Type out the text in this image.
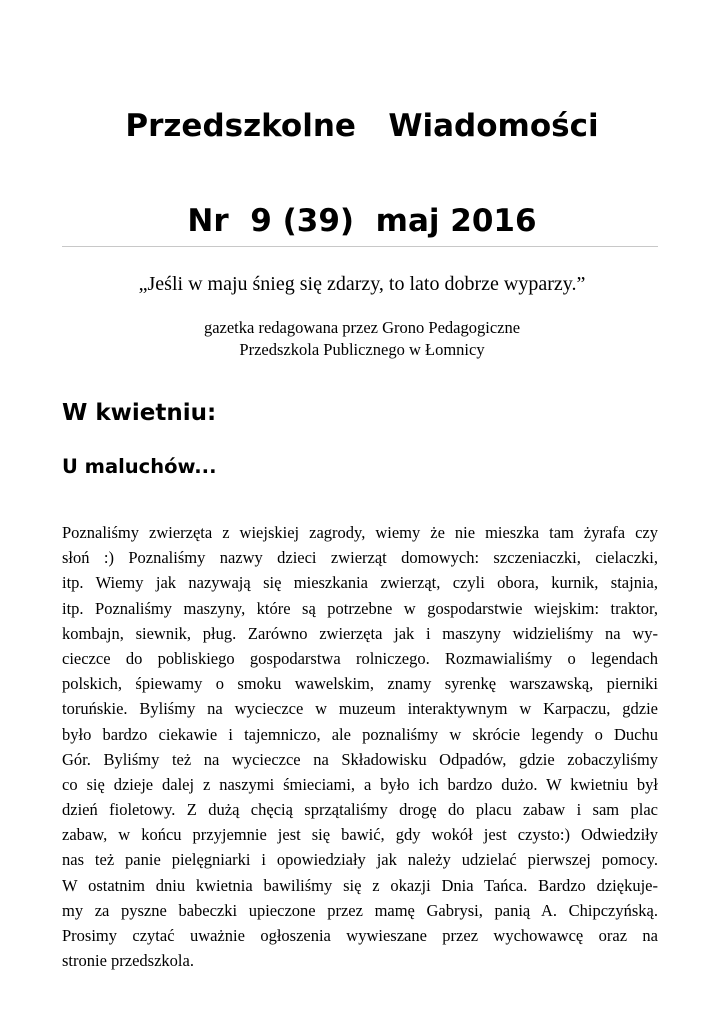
Przedszkolne   Wiadomości
Nr  9 (39)  maj 2016

„Jeśli w maju śnieg się zdarzy, to lato dobrze wyparzy.”

gazetka redagowana przez Grono Pedagogiczne
Przedszkola Publicznego w Łomnicy

W kwietniu:
U maluchów...
Poznaliśmy zwierzęta z wiejskiej zagrody, wiemy że nie mieszka tam żyrafa czy
słoń :) Poznaliśmy nazwy dzieci zwierząt domowych: szczeniaczki, cielaczki,
itp. Wiemy jak nazywają się mieszkania zwierząt, czyli obora, kurnik, stajnia,
itp. Poznaliśmy maszyny, które są potrzebne w gospodarstwie wiejskim: traktor,
kombajn, siewnik, pług. Zarówno zwierzęta jak i maszyny widzieliśmy na wy-
cieczce do pobliskiego gospodarstwa rolniczego. Rozmawialiśmy o legendach
polskich, śpiewamy o smoku wawelskim, znamy syrenkę warszawską, pierniki
toruńskie. Byliśmy na wycieczce w muzeum interaktywnym w Karpaczu, gdzie
było bardzo ciekawie i tajemniczo, ale poznaliśmy w skrócie legendy o Duchu
Gór. Byliśmy też na wycieczce na Składowisku Odpadów, gdzie zobaczyliśmy
co się dzieje dalej z naszymi śmieciami, a było ich bardzo dużo. W kwietniu był
dzień fioletowy. Z dużą chęcią sprzątaliśmy drogę do placu zabaw i sam plac
zabaw, w końcu przyjemnie jest się bawić, gdy wokół jest czysto:) Odwiedziły
nas też panie pielęgniarki i opowiedziały jak należy udzielać pierwszej pomocy.
W ostatnim dniu kwietnia bawiliśmy się z okazji Dnia Tańca. Bardzo dziękuje-
my za pyszne babeczki upieczone przez mamę Gabrysi, panią A. Chipczyńską.
Prosimy czytać uważnie ogłoszenia wywieszane przez wychowawcę oraz na
stronie przedszkola.
